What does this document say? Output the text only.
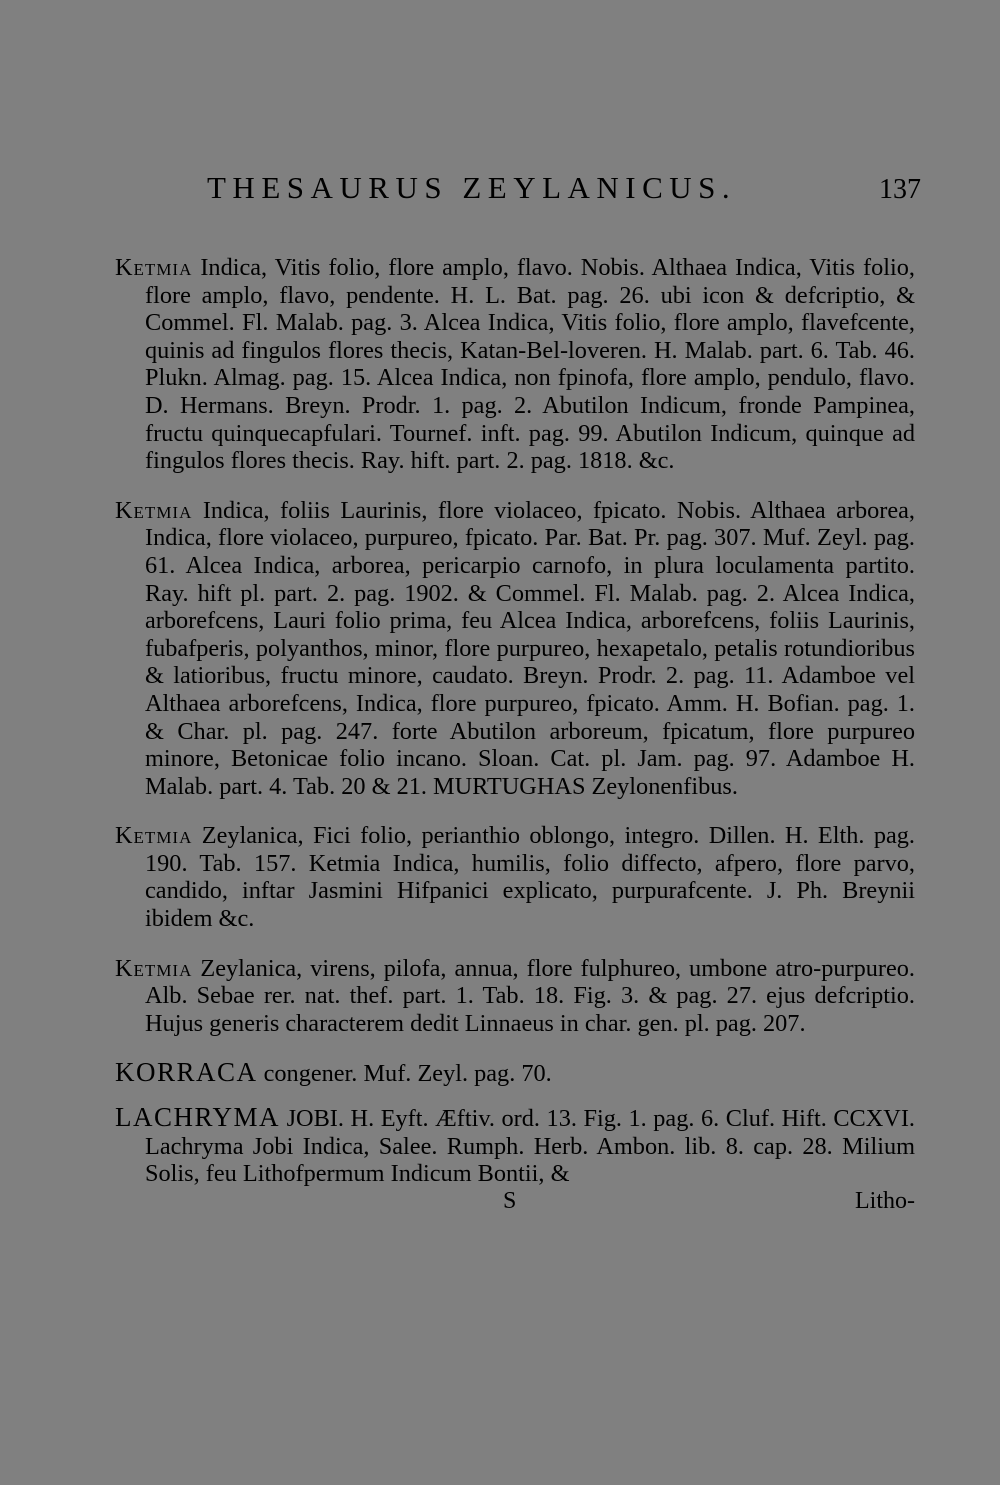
THESAURUS ZEYLANICUS.	137

Ketmia Indica, Vitis folio, flore amplo, flavo. Nobis. Althaea Indica, Vitis folio, flore amplo, flavo, pendente. H. L. Bat. pag. 26. ubi icon & defcriptio, & Commel. Fl. Malab. pag. 3. Alcea Indica, Vitis folio, flore amplo, flavefcente, quinis ad fingulos flores thecis, Katan-Bel-loveren. H. Malab. part. 6. Tab. 46. Plukn. Almag. pag. 15. Alcea Indica, non fpinofa, flore amplo, pendulo, flavo. D. Hermans. Breyn. Prodr. 1. pag. 2. Abutilon Indicum, fronde Pampinea, fructu quinquecapfulari. Tournef. inft. pag. 99. Abutilon Indicum, quinque ad fingulos flores thecis. Ray. hift. part. 2. pag. 1818. &c.

Ketmia Indica, foliis Laurinis, flore violaceo, fpicato. Nobis. Althaea arborea, Indica, flore violaceo, purpureo, fpicato. Par. Bat. Pr. pag. 307. Muf. Zeyl. pag. 61. Alcea Indica, arborea, pericarpio carnofo, in plura loculamenta partito. Ray. hift pl. part. 2. pag. 1902. & Commel. Fl. Malab. pag. 2. Alcea Indica, arborefcens, Lauri folio prima, feu Alcea Indica, arborefcens, foliis Laurinis, fubafperis, polyanthos, minor, flore purpureo, hexapetalo, petalis rotundioribus & latioribus, fructu minore, caudato. Breyn. Prodr. 2. pag. 11. Adamboe vel Althaea arborefcens, Indica, flore purpureo, fpicato. Amm. H. Bofian. pag. 1. & Char. pl. pag. 247. forte Abutilon arboreum, fpicatum, flore purpureo minore, Betonicae folio incano. Sloan. Cat. pl. Jam. pag. 97. Adamboe H. Malab. part. 4. Tab. 20 & 21. MURTUGHAS Zeylonenfibus.

Ketmia Zeylanica, Fici folio, perianthio oblongo, integro. Dillen. H. Elth. pag. 190. Tab. 157. Ketmia Indica, humilis, folio diffecto, afpero, flore parvo, candido, inftar Jasmini Hifpanici explicato, purpurafcente. J. Ph. Breynii ibidem &c.

Ketmia Zeylanica, virens, pilofa, annua, flore fulphureo, umbone atro-purpureo. Alb. Sebae rer. nat. thef. part. 1. Tab. 18. Fig. 3. & pag. 27. ejus defcriptio. Hujus generis characterem dedit Linnaeus in char. gen. pl. pag. 207.

KORRACA congener. Muf. Zeyl. pag. 70.

LACHRYMA JOBI. H. Eyft. Æftiv. ord. 13. Fig. 1. pag. 6. Cluf. Hift. CCXVI. Lachryma Jobi Indica, Salee. Rumph. Herb. Ambon. lib. 8. cap. 28. Milium Solis, feu Lithofpermum Indicum Bontii, &

S	Litho-
